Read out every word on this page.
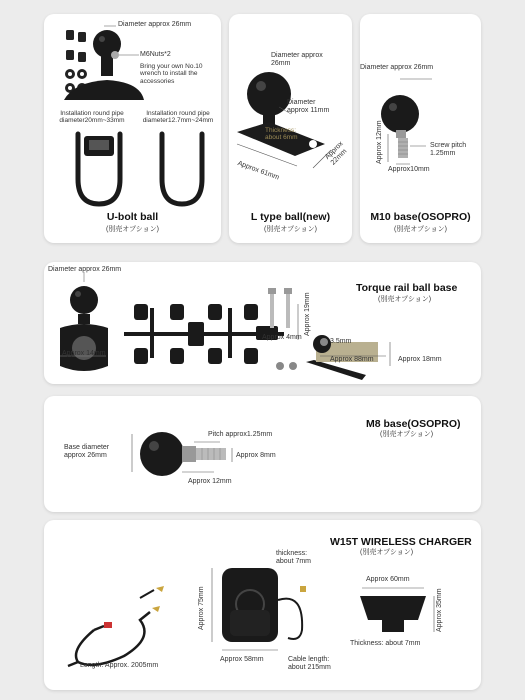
Diameter approx 26mm
M6Nuts*2
Bring your own No.10
wrench to install the
accessories
Installation round pipe
diameter20mm~33mm
Installation round pipe
diameter12.7mm~24mm
U-bolt ball
(別売オプション)
Diameter approx
26mm
Diameter
approx 11mm
Thickness:
about 6mm
Approx 61mm
Approx
22mm
L type ball(new)
(別売オプション)
Diameter approx 26mm
Approx 12mm	Screw pitch
1.25mm
Approx10mm
M10 base(OSOPRO)
(別売オプション)
Diameter approx 26mm
Approx 14mm
Approx 19mm
Approx 4mm
3.5mm
Approx 88mm	Approx 18mm
Torque rail ball base
(別売オプション)
Base diameter
approx 26mm
Pitch approx1.25mm
Approx 8mm
Approx 12mm
M8 base(OSOPRO)
(別売オプション)
W15T WIRELESS CHARGER
(別売オプション)
thickness:
about 7mm
Approx 75mm
Approx 58mm	Cable length:
about 215mm
Length: Approx. 2005mm
Approx 60mm
Approx 35mm
Thickness: about 7mm
